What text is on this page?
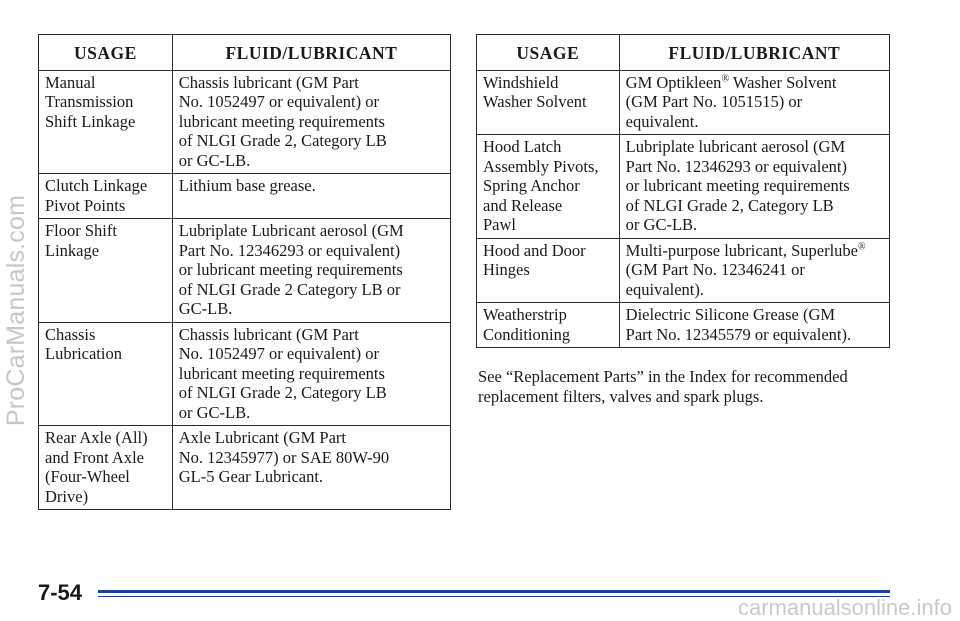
ProCarManuals.com
USAGE	FLUID/LUBRICANT
Manual
Transmission
Shift Linkage	Chassis lubricant (GM Part
No. 1052497 or equivalent) or
lubricant meeting requirements
of NLGI Grade 2, Category LB
or GC-LB.
Clutch Linkage
Pivot Points	Lithium base grease.
Floor Shift
Linkage	Lubriplate Lubricant aerosol (GM
Part No. 12346293 or equivalent)
or lubricant meeting requirements
of NLGI Grade 2 Category LB or
GC-LB.
Chassis
Lubrication	Chassis lubricant (GM Part
No. 1052497 or equivalent) or
lubricant meeting requirements
of NLGI Grade 2, Category LB
or GC-LB.
Rear Axle (All)
and Front Axle
(Four-Wheel
Drive)	Axle Lubricant (GM Part
No. 12345977) or SAE 80W-90
GL-5 Gear Lubricant.
USAGE	FLUID/LUBRICANT
Windshield
Washer Solvent	GM Optikleen® Washer Solvent
(GM Part No. 1051515) or
equivalent.
Hood Latch
Assembly Pivots,
Spring Anchor
and Release
Pawl	Lubriplate lubricant aerosol (GM
Part No. 12346293 or equivalent)
or lubricant meeting requirements
of NLGI Grade 2, Category LB
or GC-LB.
Hood and Door
Hinges	Multi-purpose lubricant, Superlube®
(GM Part No. 12346241 or
equivalent).
Weatherstrip
Conditioning	Dielectric Silicone Grease (GM
Part No. 12345579 or equivalent).
See “Replacement Parts” in the Index for recommended replacement filters, valves and spark plugs.
7-54
carmanualsonline.info
